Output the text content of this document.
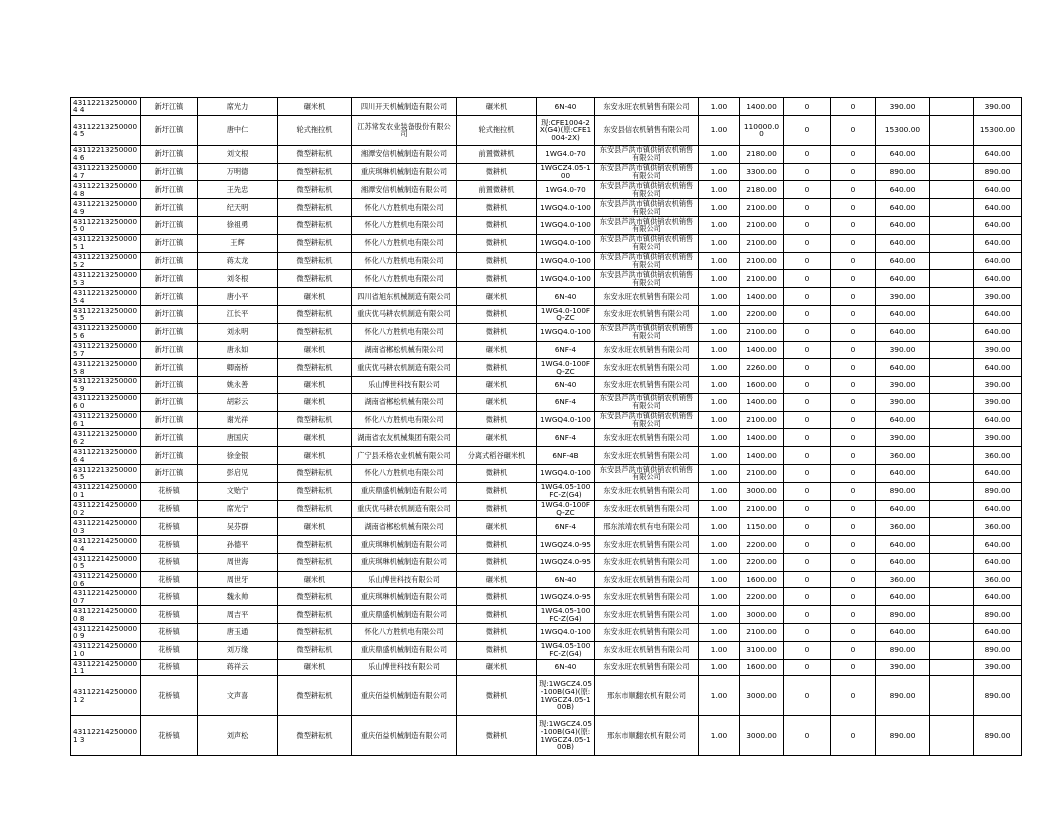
431122132500004 4	新圩江镇	席光力	碾米机	四川开天机械制造有限公司	碾米机	6N-40	东安永旺农机销售有限公司	1.00	1400.00	0	0	390.00		390.00
431122132500004 5	新圩江镇	唐中仁	轮式拖拉机	江苏常发农业装备股份有限公司	轮式拖拉机	现:CFE1004-2X(G4)(原:CFE1004-2X)	东安县信农机销售有限公司	1.00	110000.00	0	0	15300.00		15300.00
431122132500004 6	新圩江镇	刘文根	微型耕耘机	湘潭安信机械制造有限公司	前置微耕机	1WG4.0-70	东安县芦洪市镇供销农机销售有限公司	1.00	2180.00	0	0	640.00		640.00
431122132500004 7	新圩江镇	万明德	微型耕耘机	重庆琪琳机械制造有限公司	微耕机	1WGCZ4.05-100	东安县芦洪市镇供销农机销售有限公司	1.00	3300.00	0	0	890.00		890.00
431122132500004 8	新圩江镇	王先忠	微型耕耘机	湘潭安信机械制造有限公司	前置微耕机	1WG4.0-70	东安县芦洪市镇供销农机销售有限公司	1.00	2180.00	0	0	640.00		640.00
431122132500004 9	新圩江镇	纪天明	微型耕耘机	怀化八方胜机电有限公司	微耕机	1WGQ4.0-100	东安县芦洪市镇供销农机销售有限公司	1.00	2100.00	0	0	640.00		640.00
431122132500005 0	新圩江镇	徐祖勇	微型耕耘机	怀化八方胜机电有限公司	微耕机	1WGQ4.0-100	东安县芦洪市镇供销农机销售有限公司	1.00	2100.00	0	0	640.00		640.00
431122132500005 1	新圩江镇	王辉	微型耕耘机	怀化八方胜机电有限公司	微耕机	1WGQ4.0-100	东安县芦洪市镇供销农机销售有限公司	1.00	2100.00	0	0	640.00		640.00
431122132500005 2	新圩江镇	蒋太龙	微型耕耘机	怀化八方胜机电有限公司	微耕机	1WGQ4.0-100	东安县芦洪市镇供销农机销售有限公司	1.00	2100.00	0	0	640.00		640.00
431122132500005 3	新圩江镇	刘冬根	微型耕耘机	怀化八方胜机电有限公司	微耕机	1WGQ4.0-100	东安县芦洪市镇供销农机销售有限公司	1.00	2100.00	0	0	640.00		640.00
431122132500005 4	新圩江镇	唐小平	碾米机	四川省旭东机械制造有限公司	碾米机	6N-40	东安永旺农机销售有限公司	1.00	1400.00	0	0	390.00		390.00
431122132500005 5	新圩江镇	江长平	微型耕耘机	重庆优马耕农机制造有限公司	微耕机	1WG4.0-100FQ-ZC	东安永旺农机销售有限公司	1.00	2200.00	0	0	640.00		640.00
431122132500005 6	新圩江镇	刘永明	微型耕耘机	怀化八方胜机电有限公司	微耕机	1WGQ4.0-100	东安县芦洪市镇供销农机销售有限公司	1.00	2100.00	0	0	640.00		640.00
431122132500005 7	新圩江镇	唐永如	碾米机	湖南省郴松机械有限公司	碾米机	6NF-4	东安永旺农机销售有限公司	1.00	1400.00	0	0	390.00		390.00
431122132500005 8	新圩江镇	卿南桥	微型耕耘机	重庆优马耕农机制造有限公司	微耕机	1WG4.0-100FQ-ZC	东安永旺农机销售有限公司	1.00	2260.00	0	0	640.00		640.00
431122132500005 9	新圩江镇	姚永善	碾米机	乐山博世科技有限公司	碾米机	6N-40	东安永旺农机销售有限公司	1.00	1600.00	0	0	390.00		390.00
431122132500006 0	新圩江镇	胡彩云	碾米机	湖南省郴松机械有限公司	碾米机	6NF-4	东安县芦洪市镇供销农机销售有限公司	1.00	1400.00	0	0	390.00		390.00
431122132500006 1	新圩江镇	谢光祥	微型耕耘机	怀化八方胜机电有限公司	微耕机	1WGQ4.0-100	东安县芦洪市镇供销农机销售有限公司	1.00	2100.00	0	0	640.00		640.00
431122132500006 2	新圩江镇	唐国庆	碾米机	湖南省农友机械集团有限公司	碾米机	6NF-4	东安永旺农机销售有限公司	1.00	1400.00	0	0	390.00		390.00
431122132500006 4	新圩江镇	徐金银	碾米机	广宁县禾格农业机械有限公司	分离式稻谷碾米机	6NF-4B	东安永旺农机销售有限公司	1.00	1400.00	0	0	360.00		360.00
431122132500006 5	新圩江镇	彭启见	微型耕耘机	怀化八方胜机电有限公司	微耕机	1WGQ4.0-100	东安县芦洪市镇供销农机销售有限公司	1.00	2100.00	0	0	640.00		640.00
431122142500000 1	花桥镇	文贻宁	微型耕耘机	重庆鼎盛机械制造有限公司	微耕机	1WG4.05-100FC-Z(G4)	东安永旺农机销售有限公司	1.00	3000.00	0	0	890.00		890.00
431122142500000 2	花桥镇	席光宁	微型耕耘机	重庆优马耕农机制造有限公司	微耕机	1WG4.0-100FQ-ZC	东安永旺农机销售有限公司	1.00	2100.00	0	0	640.00		640.00
431122142500000 3	花桥镇	吴芬群	碾米机	湖南省郴松机械有限公司	碾米机	6NF-4	邢东浓靖农机有电有限公司	1.00	1150.00	0	0	360.00		360.00
431122142500000 4	花桥镇	孙德平	微型耕耘机	重庆琪琳机械制造有限公司	微耕机	1WGQZ4.0-95	东安永旺农机销售有限公司	1.00	2200.00	0	0	640.00		640.00
431122142500000 5	花桥镇	周世海	微型耕耘机	重庆琪琳机械制造有限公司	微耕机	1WGQZ4.0-95	东安永旺农机销售有限公司	1.00	2200.00	0	0	640.00		640.00
431122142500000 6	花桥镇	周世牙	碾米机	乐山博世科技有限公司	碾米机	6N-40	东安永旺农机销售有限公司	1.00	1600.00	0	0	360.00		360.00
431122142500000 7	花桥镇	魏永帅	微型耕耘机	重庆琪琳机械制造有限公司	微耕机	1WGQZ4.0-95	东安永旺农机销售有限公司	1.00	2200.00	0	0	640.00		640.00
431122142500000 8	花桥镇	周吉平	微型耕耘机	重庆鼎盛机械制造有限公司	微耕机	1WG4.05-100FC-Z(G4)	东安永旺农机销售有限公司	1.00	3000.00	0	0	890.00		890.00
431122142500000 9	花桥镇	唐玉通	微型耕耘机	怀化八方胜机电有限公司	微耕机	1WGQ4.0-100	东安永旺农机销售有限公司	1.00	2100.00	0	0	640.00		640.00
431122142500001 0	花桥镇	刘万缘	微型耕耘机	重庆鼎盛机械制造有限公司	微耕机	1WG4.05-100FC-Z(G4)	东安永旺农机销售有限公司	1.00	3100.00	0	0	890.00		890.00
431122142500001 1	花桥镇	蒋祥云	碾米机	乐山博世科技有限公司	碾米机	6N-40	东安永旺农机销售有限公司	1.00	1600.00	0	0	390.00		390.00
431122142500001 2	花桥镇	文声喜	微型耕耘机	重庆佰益机械制造有限公司	微耕机	现:1WGCZ4.05-100B(G4)(原:1WGCZ4.05-100B)	邢东市顺翻农机有限公司	1.00	3000.00	0	0	890.00		890.00
431122142500001 3	花桥镇	刘声松	微型耕耘机	重庆佰益机械制造有限公司	微耕机	现:1WGCZ4.05-100B(G4)(原:1WGCZ4.05-100B)	邢东市顺翻农机有限公司	1.00	3000.00	0	0	890.00		890.00
